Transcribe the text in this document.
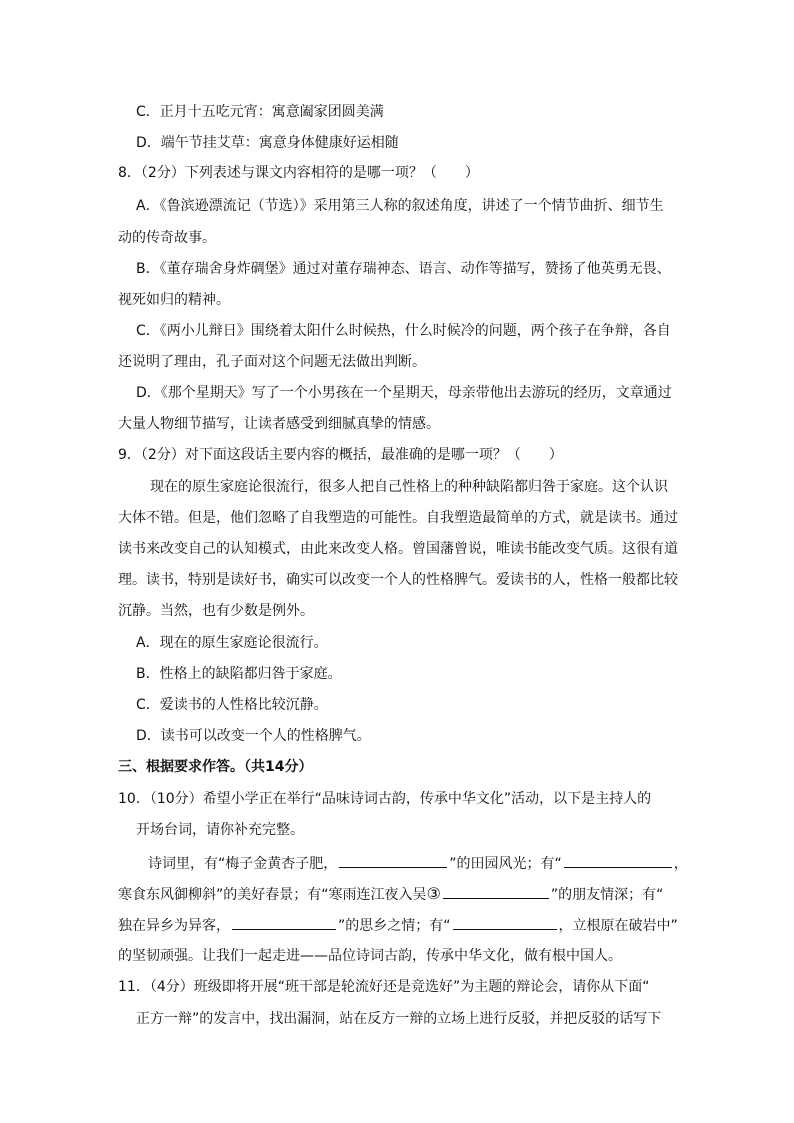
C．正月十五吃元宵：寓意阖家团圆美满
D．端午节挂艾草：寓意身体健康好运相随
8．（2分）下列表述与课文内容相符的是哪一项？（　　）
A．《鲁滨逊漂流记（节选）》采用第三人称的叙述角度，讲述了一个情节曲折、细节生
动的传奇故事。
B．《董存瑞舍身炸碉堡》通过对董存瑞神态、语言、动作等描写，赞扬了他英勇无畏、
视死如归的精神。
C．《两小儿辩日》围绕着太阳什么时候热，什么时候冷的问题，两个孩子在争辩，各自
还说明了理由，孔子面对这个问题无法做出判断。
D．《那个星期天》写了一个小男孩在一个星期天，母亲带他出去游玩的经历，文章通过
大量人物细节描写，让读者感受到细腻真挚的情感。
9．（2分）对下面这段话主要内容的概括，最准确的是哪一项？（　　）
现在的原生家庭论很流行，很多人把自己性格上的种种缺陷都归咎于家庭。这个认识
大体不错。但是，他们忽略了自我塑造的可能性。自我塑造最简单的方式，就是读书。通过
读书来改变自己的认知模式，由此来改变人格。曾国藩曾说，唯读书能改变气质。这很有道
理。读书，特别是读好书，确实可以改变一个人的性格脾气。爱读书的人，性格一般都比较
沉静。当然，也有少数是例外。
A．现在的原生家庭论很流行。
B．性格上的缺陷都归咎于家庭。
C．爱读书的人性格比较沉静。
D．读书可以改变一个人的性格脾气。
三、根据要求作答。（共14分）
10．（10分）希望小学正在举行“品味诗词古韵，传承中华文化”活动，以下是主持人的
开场台词，请你补充完整。
诗词里，有“梅子金黄杏子肥，	”的田园风光；有“	，
寒食东风御柳斜”的美好春景；有“寒雨连江夜入吴③	”的朋友情深；有“
独在异乡为异客，	”的思乡之情；有“	，立根原在破岩中”
的坚韧顽强。让我们一起走进——品位诗词古韵，传承中华文化，做有根中国人。
11．（4分）班级即将开展“班干部是轮流好还是竞选好”为主题的辩论会，请你从下面“
正方一辩”的发言中，找出漏洞，站在反方一辩的立场上进行反驳，并把反驳的话写下
